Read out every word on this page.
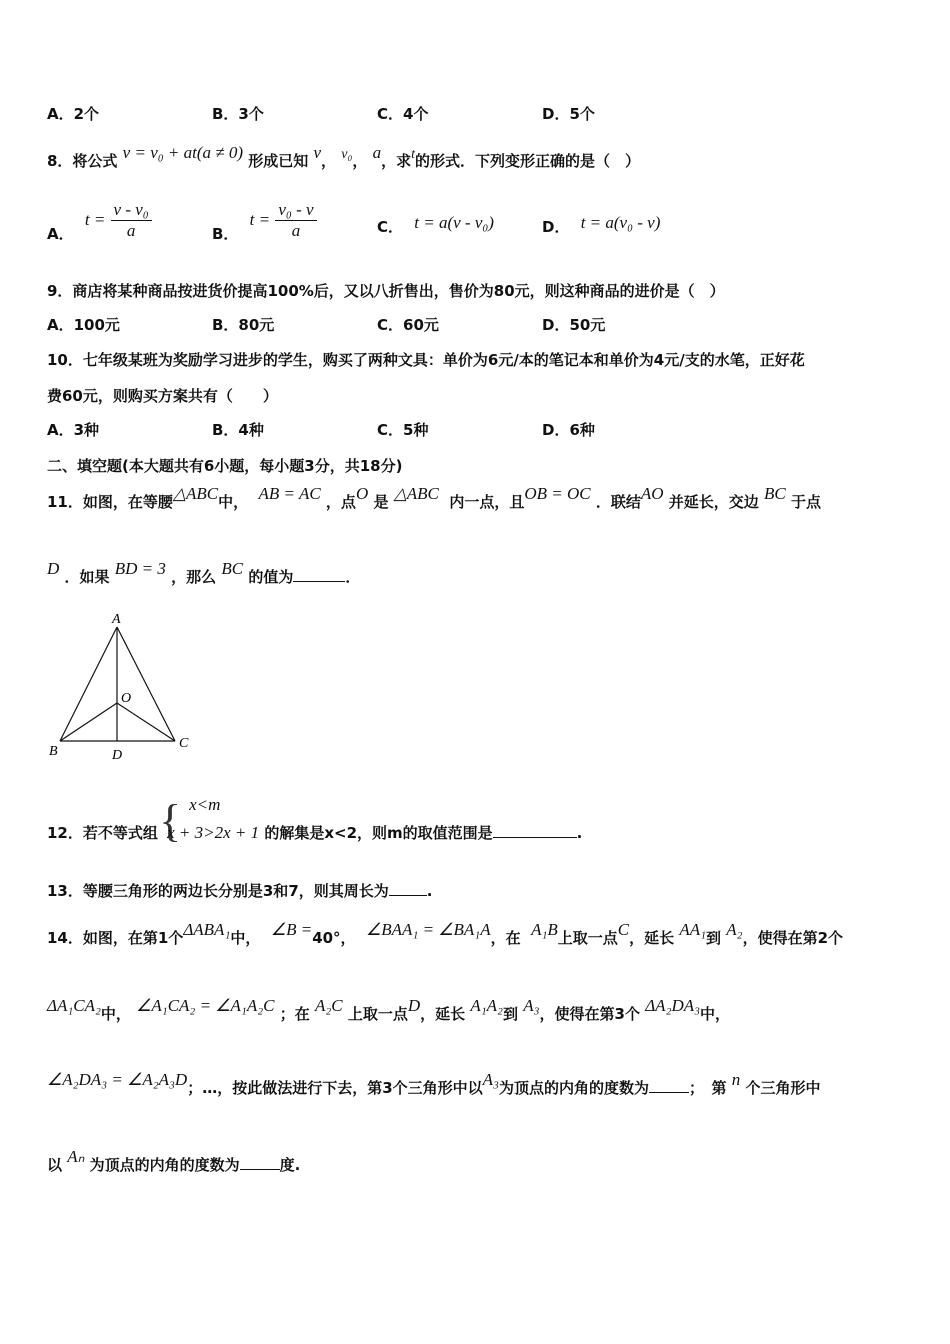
A．2个	B．3个	C．4个	D．5个
8．将公式 v = v₀ + at(a ≠ 0) 形成已知 v， v₀， a，求t的形式．下列变形正确的是（　）
A． $t = \frac{\text{v - v₀}}{a}$	B． $t = \frac{\text{v₀ - v}}{a}$	C． t = a(v - v₀)	D． t = a(v₀ - v)
9．商店将某种商品按进货价提高100%后，又以八折售出，售价为80元，则这种商品的进价是（　）
A．100元	B．80元	C．60元	D．50元
10．七年级某班为奖励学习进步的学生，购买了两种文具：单价为6元/本的笔记本和单价为4元/支的水笔，正好花
费60元，则购买方案共有（　　）
A．3种	B．4种	C．5种	D．6种
二、填空题(本大题共有6小题，每小题3分，共18分)
11．如图，在等腰△ABC中， AB = AC ，点O 是 △ABC 内一点，且OB = OC ．联结AO 并延长，交边 BC 于点
D ．如果 BD = 3 ，那么 BC 的值为	．
A
B
C
D
O
12．若不等式组 { x<m
x + 3>2x + 1 的解集是x<2，则m的取值范围是	.
13．等腰三角形的两边长分别是3和7，则其周长为	.
14．如图，在第1个ΔABA₁中， ∠B =40°， ∠BAA₁ = ∠BA₁A，在 A₁B上取一点C，延长 AA₁到 A₂，使得在第2个
ΔA₁CA₂中， ∠A₁CA₂ = ∠A₁A₂C ；在 A₂C 上取一点D，延长 A₁A₂到 A₃，使得在第3个 ΔA₂DA₃中，
∠A₂DA₃ = ∠A₂A₃D；…，按此做法进行下去，第3个三角形中以A₃为顶点的内角的度数为	；　第 n 个三角形中
以 Aₙ 为顶点的内角的度数为	度.
